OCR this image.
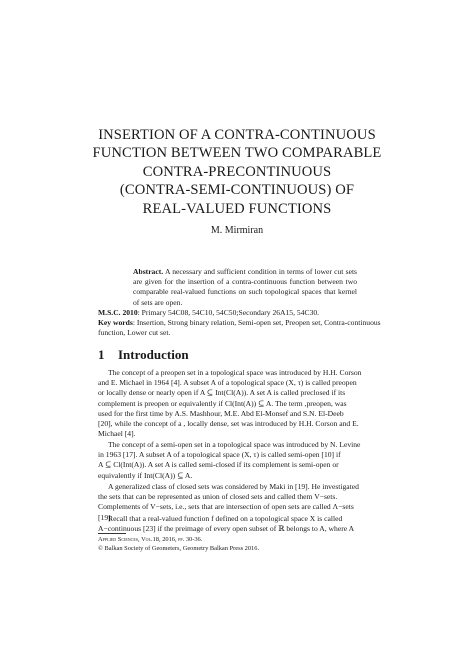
INSERTION OF A CONTRA-CONTINUOUS
FUNCTION BETWEEN TWO COMPARABLE
CONTRA-PRECONTINUOUS
(CONTRA-SEMI-CONTINUOUS) OF
REAL-VALUED FUNCTIONS
M. Mirmiran
Abstract. A necessary and sufficient condition in terms of lower cut sets are given for the insertion of a contra-continuous function between two comparable real-valued functions on such topological spaces that kernel of sets are open.
M.S.C. 2010: Primary 54C08, 54C10, 54C50;Secondary 26A15, 54C30.
Key words: Insertion, Strong binary relation, Semi-open set, Preopen set, Contra-continuous function, Lower cut set.
1 Introduction
The concept of a preopen set in a topological space was introduced by H.H. Corson
and E. Michael in 1964 [4]. A subset A of a topological space (X, τ) is called preopen
or locally dense or nearly open if A ⊆ Int(Cl(A)). A set A is called preclosed if its
complement is preopen or equivalently if Cl(Int(A)) ⊆ A. The term ,preopen, was
used for the first time by A.S. Mashhour, M.E. Abd El-Monsef and S.N. El-Deeb
[20], while the concept of a , locally dense, set was introduced by H.H. Corson and E.
Michael [4].
The concept of a semi-open set in a topological space was introduced by N. Levine
in 1963 [17]. A subset A of a topological space (X, τ) is called semi-open [10] if
A ⊆ Cl(Int(A)). A set A is called semi-closed if its complement is semi-open or
equivalently if Int(Cl(A)) ⊆ A.
A generalized class of closed sets was considered by Maki in [19]. He investigated
the sets that can be represented as union of closed sets and called them V−sets.
Complements of V−sets, i.e., sets that are intersection of open sets are called Λ−sets
[19].
Recall that a real-valued function f defined on a topological space X is called
A−continuous [23] if the preimage of every open subset of ℝ belongs to A, where A
Applied Sciences, Vol.18, 2016, pp. 30-36.
© Balkan Society of Geometers, Geometry Balkan Press 2016.
